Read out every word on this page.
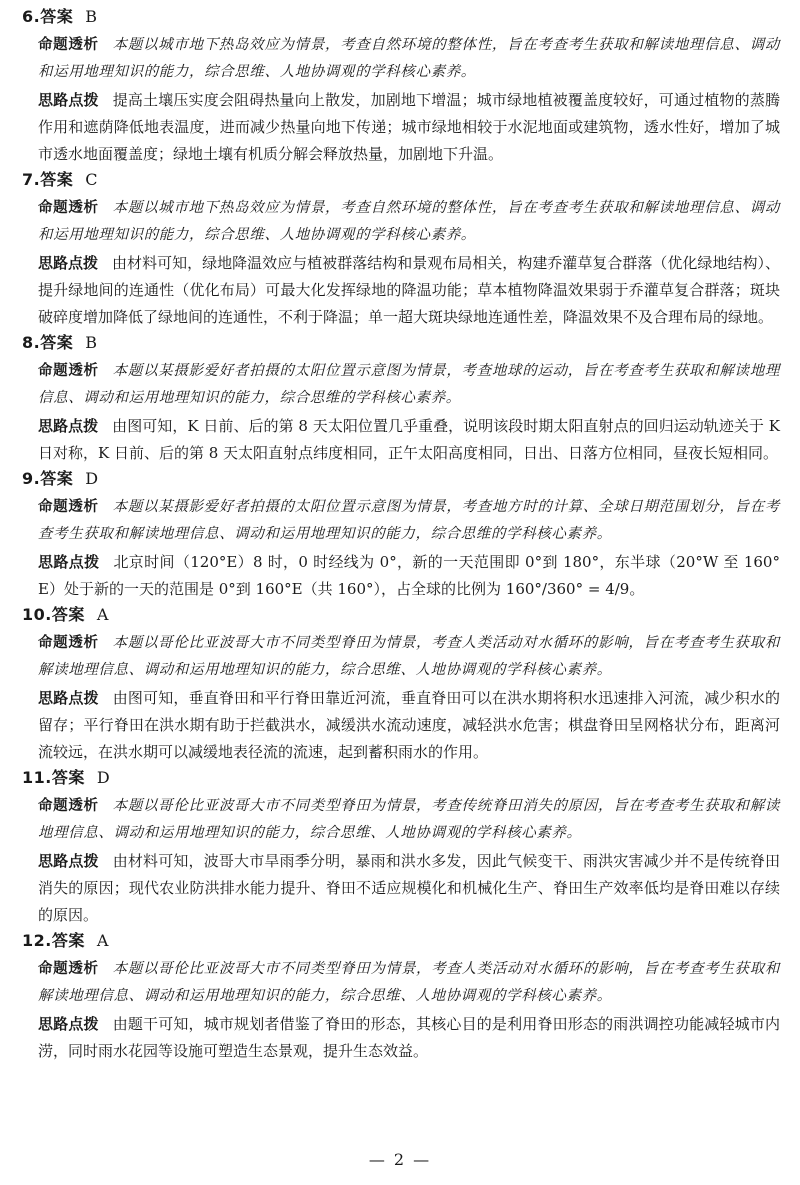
6.答案 B

命题透析 本题以城市地下热岛效应为情景，考查自然环境的整体性，旨在考查考生获取和解读地理信息、调动和运用地理知识的能力，综合思维、人地协调观的学科核心素养。

思路点拨 提高土壤压实度会阻碍热量向上散发，加剧地下增温；城市绿地植被覆盖度较好，可通过植物的蒸腾作用和遮荫降低地表温度，进而减少热量向地下传递；城市绿地相较于水泥地面或建筑物，透水性好，增加了城市透水地面覆盖度；绿地土壤有机质分解会释放热量，加剧地下升温。

7.答案 C

命题透析 本题以城市地下热岛效应为情景，考查自然环境的整体性，旨在考查考生获取和解读地理信息、调动和运用地理知识的能力，综合思维、人地协调观的学科核心素养。

思路点拨 由材料可知，绿地降温效应与植被群落结构和景观布局相关，构建乔灌草复合群落（优化绿地结构）、提升绿地间的连通性（优化布局）可最大化发挥绿地的降温功能；草本植物降温效果弱于乔灌草复合群落；斑块破碎度增加降低了绿地间的连通性，不利于降温；单一超大斑块绿地连通性差，降温效果不及合理布局的绿地。

8.答案 B

命题透析 本题以某摄影爱好者拍摄的太阳位置示意图为情景，考查地球的运动，旨在考查考生获取和解读地理信息、调动和运用地理知识的能力，综合思维的学科核心素养。

思路点拨 由图可知，K 日前、后的第 8 天太阳位置几乎重叠，说明该段时期太阳直射点的回归运动轨迹关于 K 日对称，K 日前、后的第 8 天太阳直射点纬度相同，正午太阳高度相同，日出、日落方位相同，昼夜长短相同。

9.答案 D

命题透析 本题以某摄影爱好者拍摄的太阳位置示意图为情景，考查地方时的计算、全球日期范围划分，旨在考查考生获取和解读地理信息、调动和运用地理知识的能力，综合思维的学科核心素养。

思路点拨 北京时间（120°E）8 时，0 时经线为 0°，新的一天范围即 0°到 180°，东半球（20°W 至 160°E）处于新的一天的范围是 0°到 160°E（共 160°），占全球的比例为 160°/360° = 4/9。

10.答案 A

命题透析 本题以哥伦比亚波哥大市不同类型脊田为情景，考查人类活动对水循环的影响，旨在考查考生获取和解读地理信息、调动和运用地理知识的能力，综合思维、人地协调观的学科核心素养。

思路点拨 由图可知，垂直脊田和平行脊田靠近河流，垂直脊田可以在洪水期将积水迅速排入河流，减少积水的留存；平行脊田在洪水期有助于拦截洪水，减缓洪水流动速度，减轻洪水危害；棋盘脊田呈网格状分布，距离河流较远，在洪水期可以减缓地表径流的流速，起到蓄积雨水的作用。

11.答案 D

命题透析 本题以哥伦比亚波哥大市不同类型脊田为情景，考查传统脊田消失的原因，旨在考查考生获取和解读地理信息、调动和运用地理知识的能力，综合思维、人地协调观的学科核心素养。

思路点拨 由材料可知，波哥大市旱雨季分明，暴雨和洪水多发，因此气候变干、雨洪灾害减少并不是传统脊田消失的原因；现代农业防洪排水能力提升、脊田不适应规模化和机械化生产、脊田生产效率低均是脊田难以存续的原因。

12.答案 A

命题透析 本题以哥伦比亚波哥大市不同类型脊田为情景，考查人类活动对水循环的影响，旨在考查考生获取和解读地理信息、调动和运用地理知识的能力，综合思维、人地协调观的学科核心素养。

思路点拨 由题干可知，城市规划者借鉴了脊田的形态，其核心目的是利用脊田形态的雨洪调控功能减轻城市内涝，同时雨水花园等设施可塑造生态景观，提升生态效益。

— 2 —
